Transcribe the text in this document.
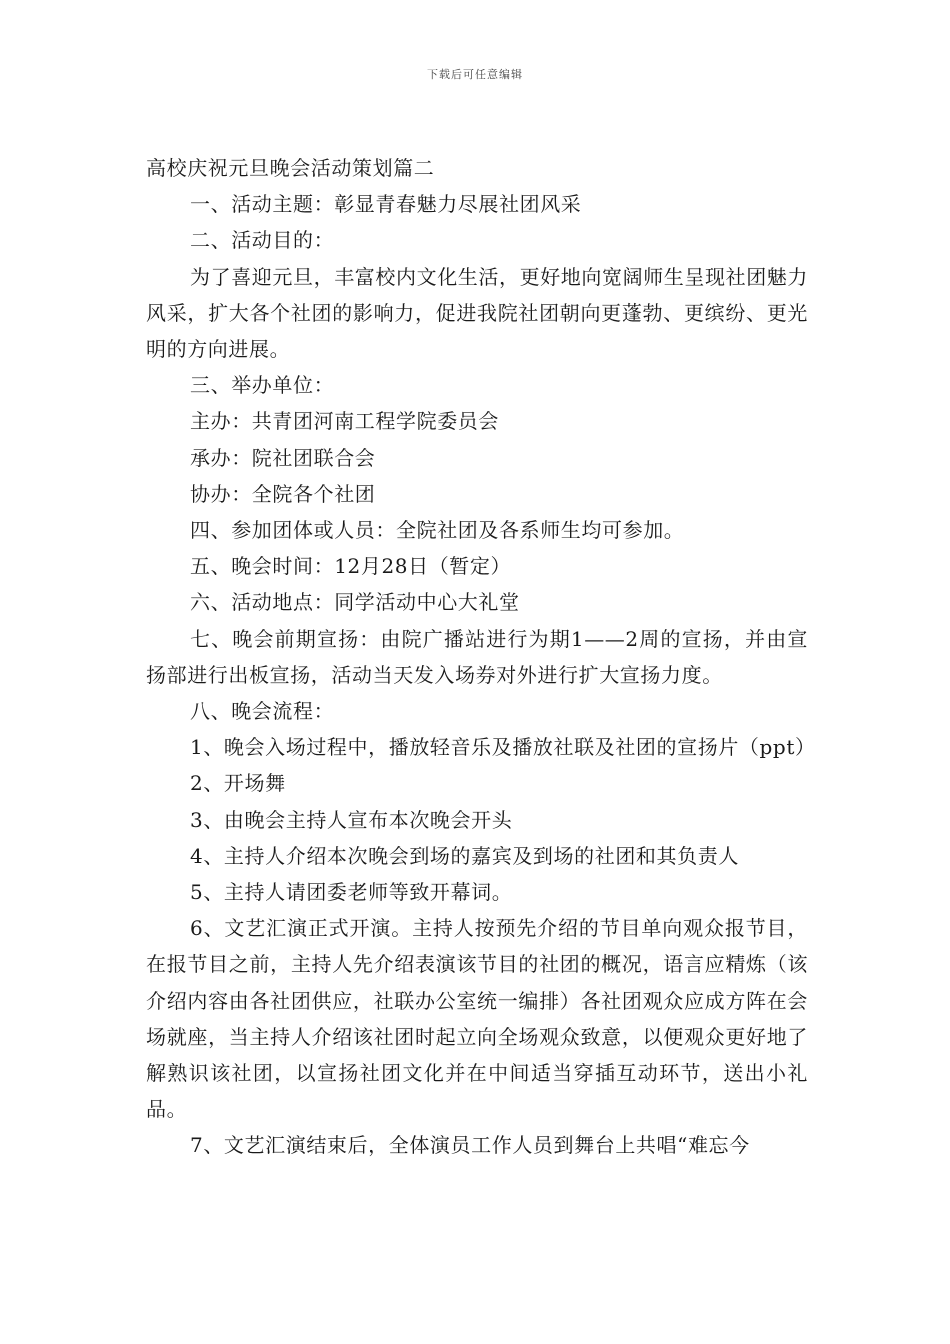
下载后可任意编辑
高校庆祝元旦晚会活动策划篇二
一、活动主题：彰显青春魅力尽展社团风采
二、活动目的：
为了喜迎元旦，丰富校内文化生活，更好地向宽阔师生呈现社团魅力风采，扩大各个社团的影响力，促进我院社团朝向更蓬勃、更缤纷、更光明的方向进展。
三、举办单位：
主办：共青团河南工程学院委员会
承办：院社团联合会
协办：全院各个社团
四、参加团体或人员：全院社团及各系师生均可参加。
五、晚会时间：12月28日（暂定）
六、活动地点：同学活动中心大礼堂
七、晚会前期宣扬：由院广播站进行为期1——2周的宣扬，并由宣扬部进行出板宣扬，活动当天发入场券对外进行扩大宣扬力度。
八、晚会流程：
1、晚会入场过程中，播放轻音乐及播放社联及社团的宣扬片（ppt）
2、开场舞
3、由晚会主持人宣布本次晚会开头
4、主持人介绍本次晚会到场的嘉宾及到场的社团和其负责人
5、主持人请团委老师等致开幕词。
6、文艺汇演正式开演。主持人按预先介绍的节目单向观众报节目，在报节目之前，主持人先介绍表演该节目的社团的概况，语言应精炼（该介绍内容由各社团供应，社联办公室统一编排）各社团观众应成方阵在会场就座，当主持人介绍该社团时起立向全场观众致意，以便观众更好地了解熟识该社团，以宣扬社团文化并在中间适当穿插互动环节，送出小礼品。
7、文艺汇演结束后，全体演员工作人员到舞台上共唱“难忘今
